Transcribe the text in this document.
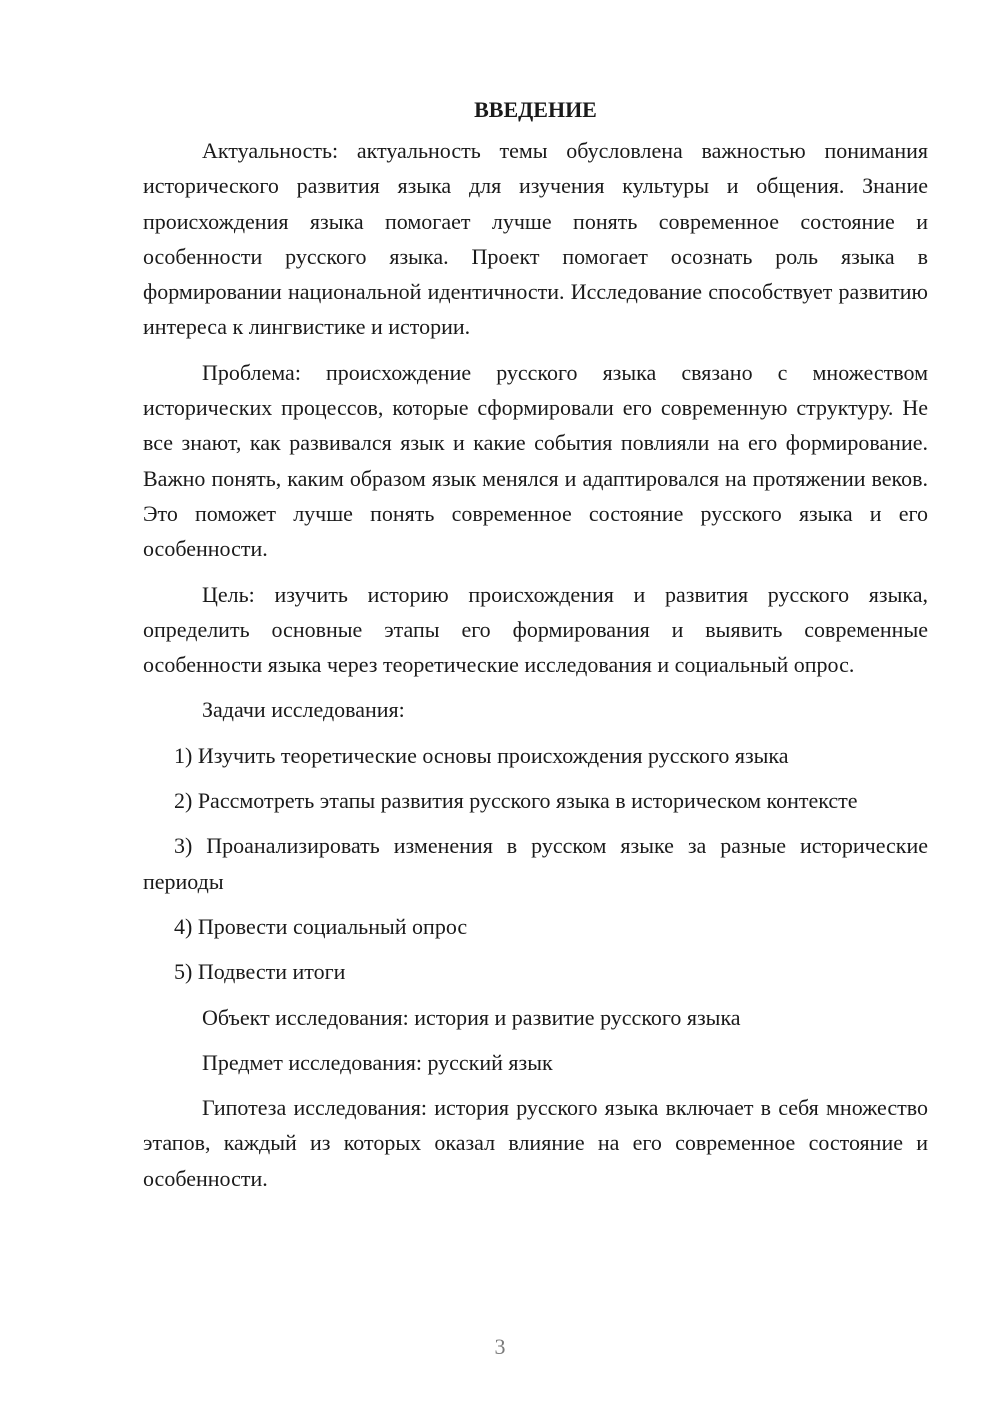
ВВЕДЕНИЕ

Актуальность: актуальность темы обусловлена важностью понимания исторического развития языка для изучения культуры и общения. Знание происхождения языка помогает лучше понять современное состояние и особенности русского языка. Проект помогает осознать роль языка в формировании национальной идентичности. Исследование способствует развитию интереса к лингвистике и истории.

Проблема: происхождение русского языка связано с множеством исторических процессов, которые сформировали его современную структуру. Не все знают, как развивался язык и какие события повлияли на его формирование. Важно понять, каким образом язык менялся и адаптировался на протяжении веков. Это поможет лучше понять современное состояние русского языка и его особенности.

Цель: изучить историю происхождения и развития русского языка, определить основные этапы его формирования и выявить современные особенности языка через теоретические исследования и социальный опрос.

Задачи исследования:

1) Изучить теоретические основы происхождения русского языка

2) Рассмотреть этапы развития русского языка в историческом контексте

3) Проанализировать изменения в русском языке за разные исторические периоды

4) Провести социальный опрос

5) Подвести итоги

Объект исследования: история и развитие русского языка

Предмет исследования: русский язык

Гипотеза исследования: история русского языка включает в себя множество этапов, каждый из которых оказал влияние на его современное состояние и особенности.

3
